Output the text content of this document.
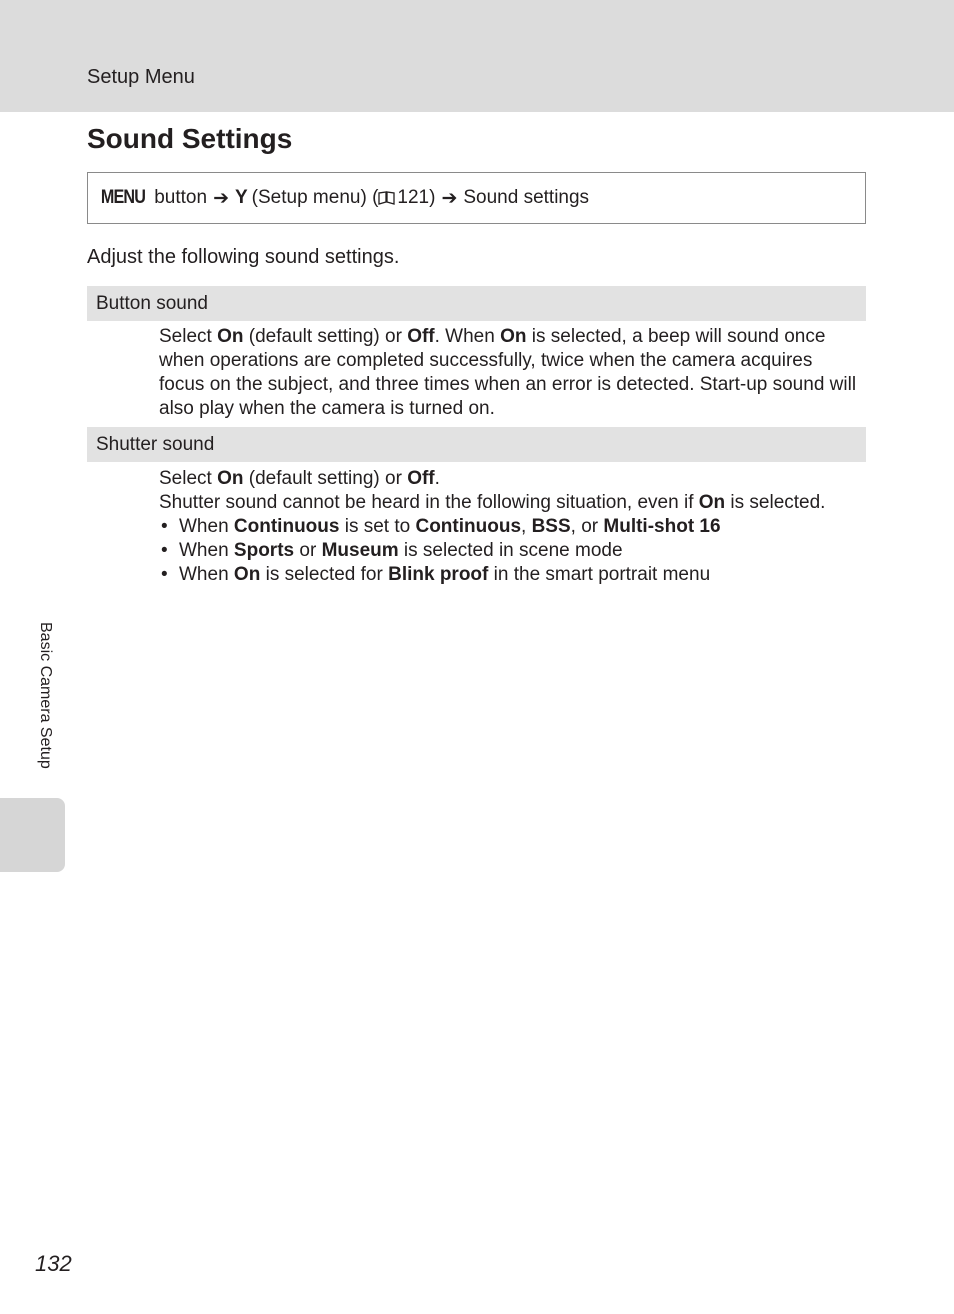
Setup Menu
Sound Settings
MENU button ➔ Y (Setup menu) ( 121) ➔ Sound settings
Adjust the following sound settings.
Button sound

Select On (default setting) or Off. When On is selected, a beep will sound once when operations are completed successfully, twice when the camera acquires focus on the subject, and three times when an error is detected. Start-up sound will also play when the camera is turned on.

Shutter sound

Select On (default setting) or Off.

Shutter sound cannot be heard in the following situation, even if On is selected.

• When Continuous is set to Continuous, BSS, or Multi-shot 16
• When Sports or Museum is selected in scene mode
• When On is selected for Blink proof in the smart portrait menu
Basic Camera Setup
132
